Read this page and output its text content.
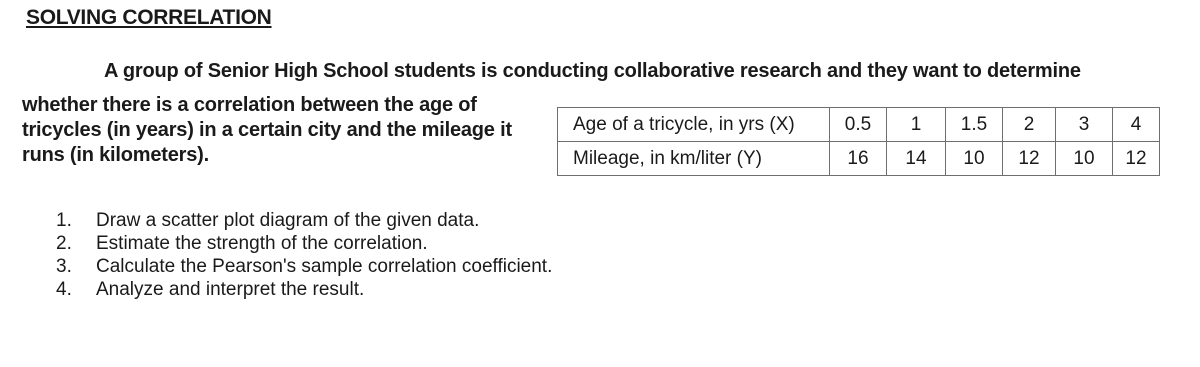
SOLVING CORRELATION
A group of Senior High School students is conducting collaborative research and they want to determine
whether there is a correlation between the age of
tricycles (in years) in a certain city and the mileage it
runs (in kilometers).
Age of a tricycle, in yrs (X)	0.5	1	1.5	2	3	4
Mileage, in km/liter (Y)	16	14	10	12	10	12
1. Draw a scatter plot diagram of the given data.
2. Estimate the strength of the correlation.
3. Calculate the Pearson's sample correlation coefficient.
4. Analyze and interpret the result.
